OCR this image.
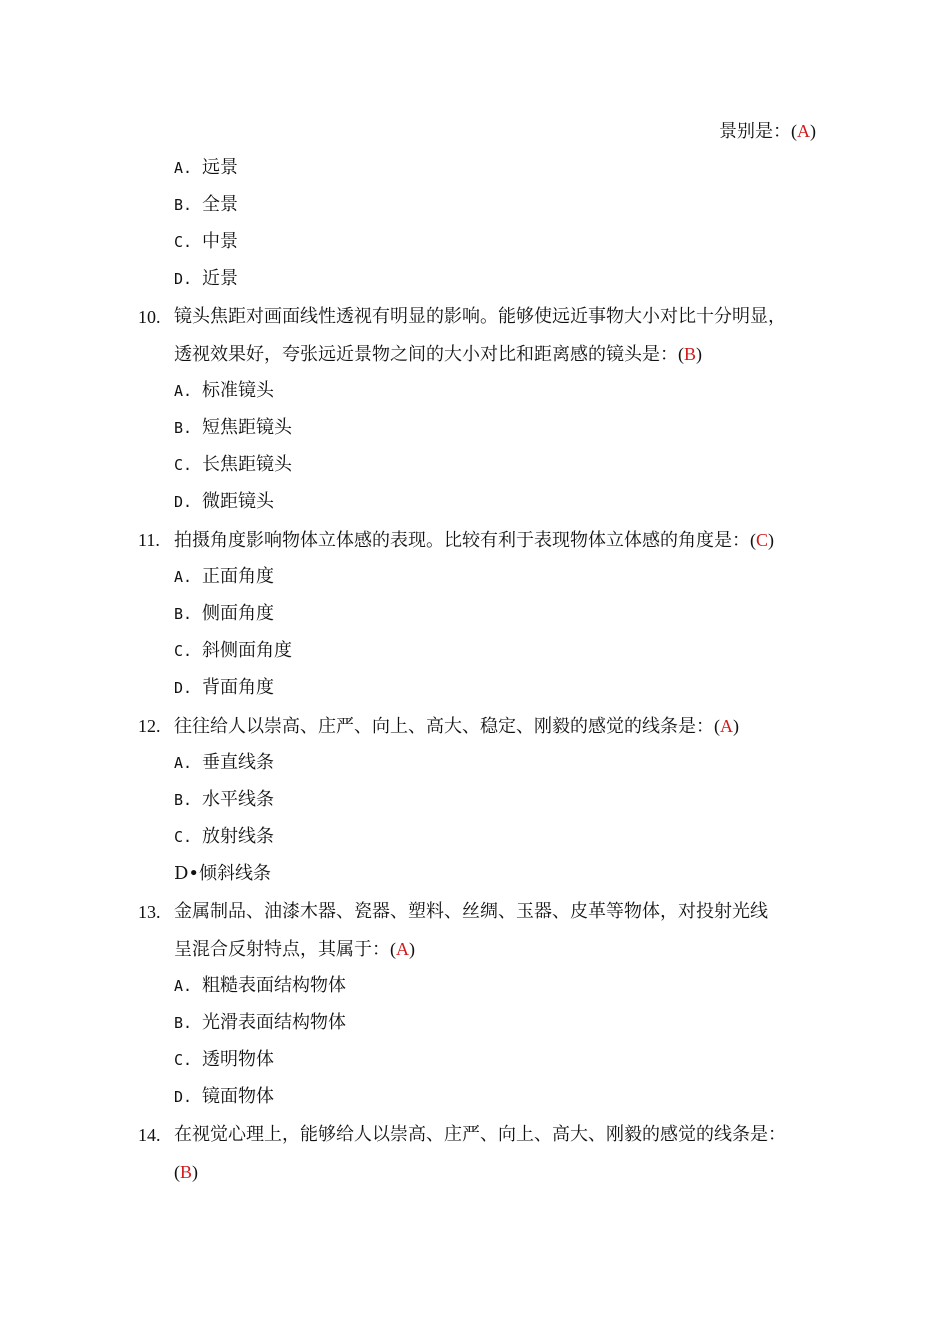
景别是：(A)
A. 远景
B. 全景
C. 中景
D. 近景
10. 镜头焦距对画面线性透视有明显的影响。能够使远近事物大小对比十分明显，
透视效果好，夸张远近景物之间的大小对比和距离感的镜头是：(B)
A. 标准镜头
B. 短焦距镜头
C. 长焦距镜头
D. 微距镜头
11. 拍摄角度影响物体立体感的表现。比较有利于表现物体立体感的角度是：(C)
A. 正面角度
B. 侧面角度
C. 斜侧面角度
D. 背面角度
12. 往往给人以崇高、庄严、向上、高大、稳定、刚毅的感觉的线条是：(A)
A. 垂直线条
B. 水平线条
C. 放射线条
D•倾斜线条
13. 金属制品、油漆木器、瓷器、塑料、丝绸、玉器、皮革等物体，对投射光线
呈混合反射特点，其属于：(A)
A. 粗糙表面结构物体
B. 光滑表面结构物体
C. 透明物体
D. 镜面物体
14. 在视觉心理上，能够给人以崇高、庄严、向上、高大、刚毅的感觉的线条是：
(B)
